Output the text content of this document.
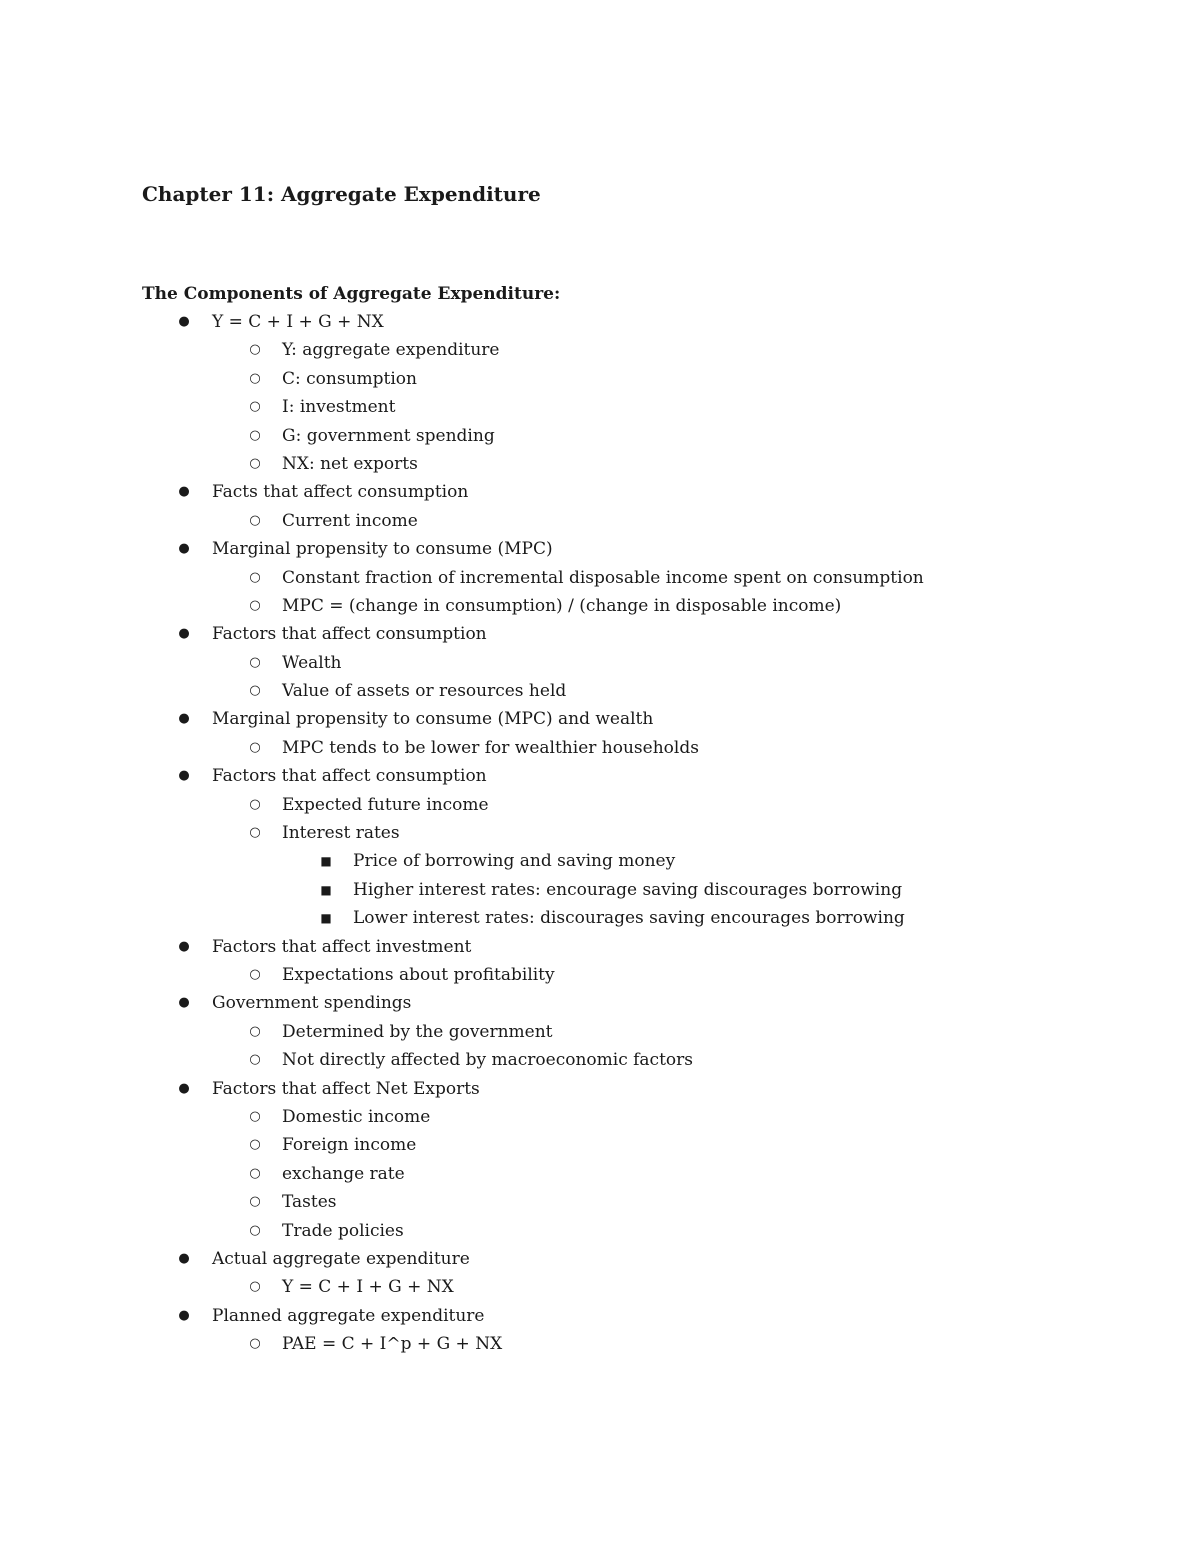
Chapter 11: Aggregate Expenditure
The Components of Aggregate Expenditure:
● Y = C + I + G + NX
○ Y: aggregate expenditure
○ C: consumption
○ I: investment
○ G: government spending
○ NX: net exports
● Facts that affect consumption
○ Current income
● Marginal propensity to consume (MPC)
○ Constant fraction of incremental disposable income spent on consumption
○ MPC = (change in consumption) / (change in disposable income)
● Factors that affect consumption
○ Wealth
○ Value of assets or resources held
● Marginal propensity to consume (MPC) and wealth
○ MPC tends to be lower for wealthier households
● Factors that affect consumption
○ Expected future income
○ Interest rates
■ Price of borrowing and saving money
■ Higher interest rates: encourage saving discourages borrowing
■ Lower interest rates: discourages saving encourages borrowing
● Factors that affect investment
○ Expectations about profitability
● Government spendings
○ Determined by the government
○ Not directly affected by macroeconomic factors
● Factors that affect Net Exports
○ Domestic income
○ Foreign income
○ exchange rate
○ Tastes
○ Trade policies
● Actual aggregate expenditure
○ Y = C + I + G + NX
● Planned aggregate expenditure
○ PAE = C + I^p + G + NX
